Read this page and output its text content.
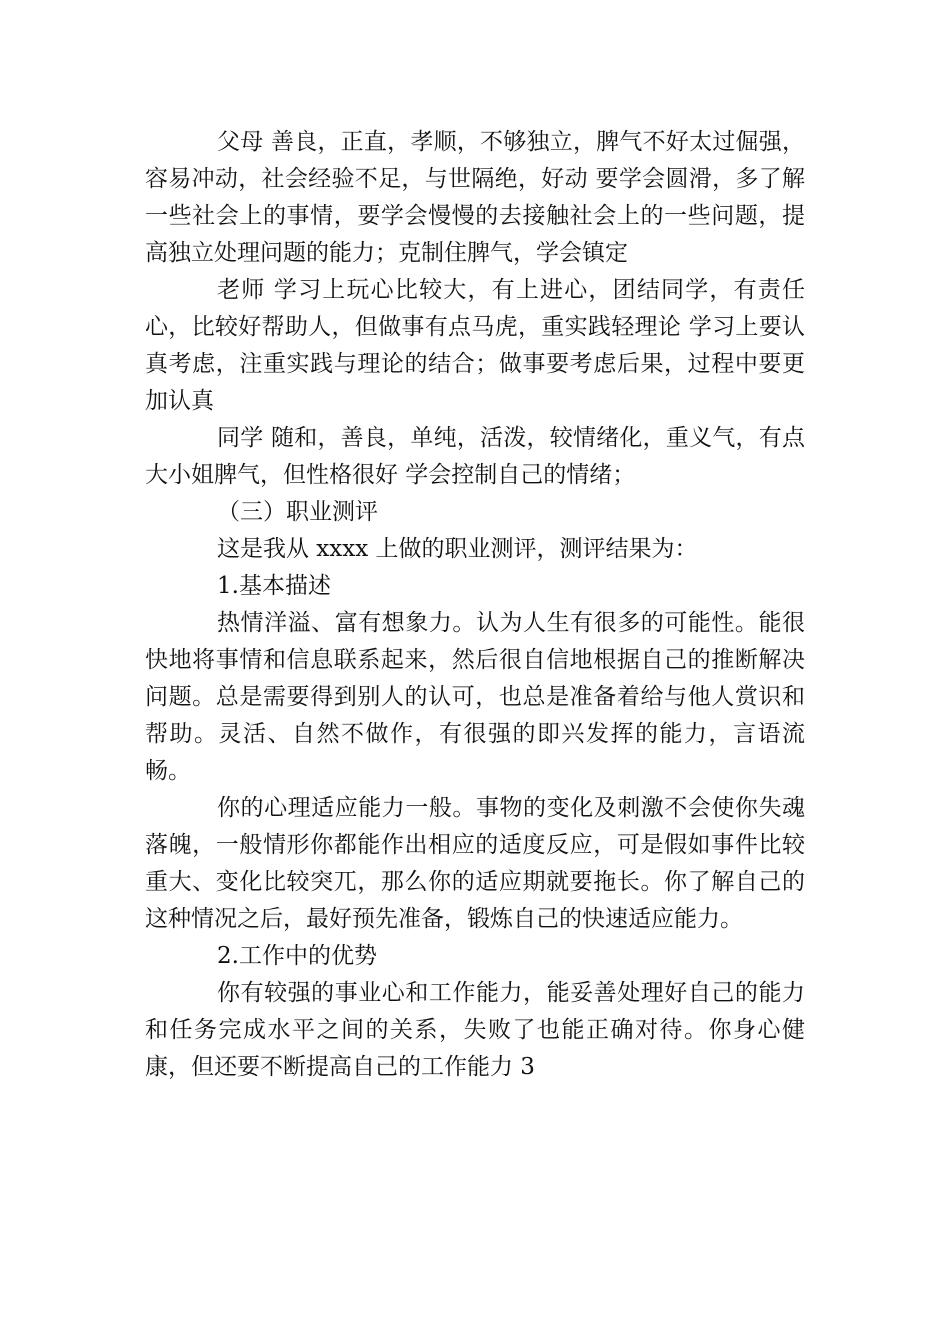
父母 善良，正直，孝顺，不够独立，脾气不好太过倔强，容易冲动，社会经验不足，与世隔绝，好动 要学会圆滑，多了解一些社会上的事情，要学会慢慢的去接触社会上的一些问题，提高独立处理问题的能力；克制住脾气，学会镇定

老师 学习上玩心比较大，有上进心，团结同学，有责任心，比较好帮助人，但做事有点马虎，重实践轻理论 学习上要认真考虑，注重实践与理论的结合；做事要考虑后果，过程中要更加认真

同学 随和，善良，单纯，活泼，较情绪化，重义气，有点大小姐脾气，但性格很好 学会控制自己的情绪；

（三）职业测评

这是我从 xxxx 上做的职业测评，测评结果为：

1.基本描述

热情洋溢、富有想象力。认为人生有很多的可能性。能很快地将事情和信息联系起来，然后很自信地根据自己的推断解决问题。总是需要得到别人的认可，也总是准备着给与他人赏识和帮助。灵活、自然不做作，有很强的即兴发挥的能力，言语流畅。

你的心理适应能力一般。事物的变化及刺激不会使你失魂落魄，一般情形你都能作出相应的适度反应，可是假如事件比较重大、变化比较突兀，那么你的适应期就要拖长。你了解自己的这种情况之后，最好预先准备，锻炼自己的快速适应能力。

2.工作中的优势

你有较强的事业心和工作能力，能妥善处理好自己的能力和任务完成水平之间的关系，失败了也能正确对待。你身心健康，但还要不断提高自己的工作能力 3
